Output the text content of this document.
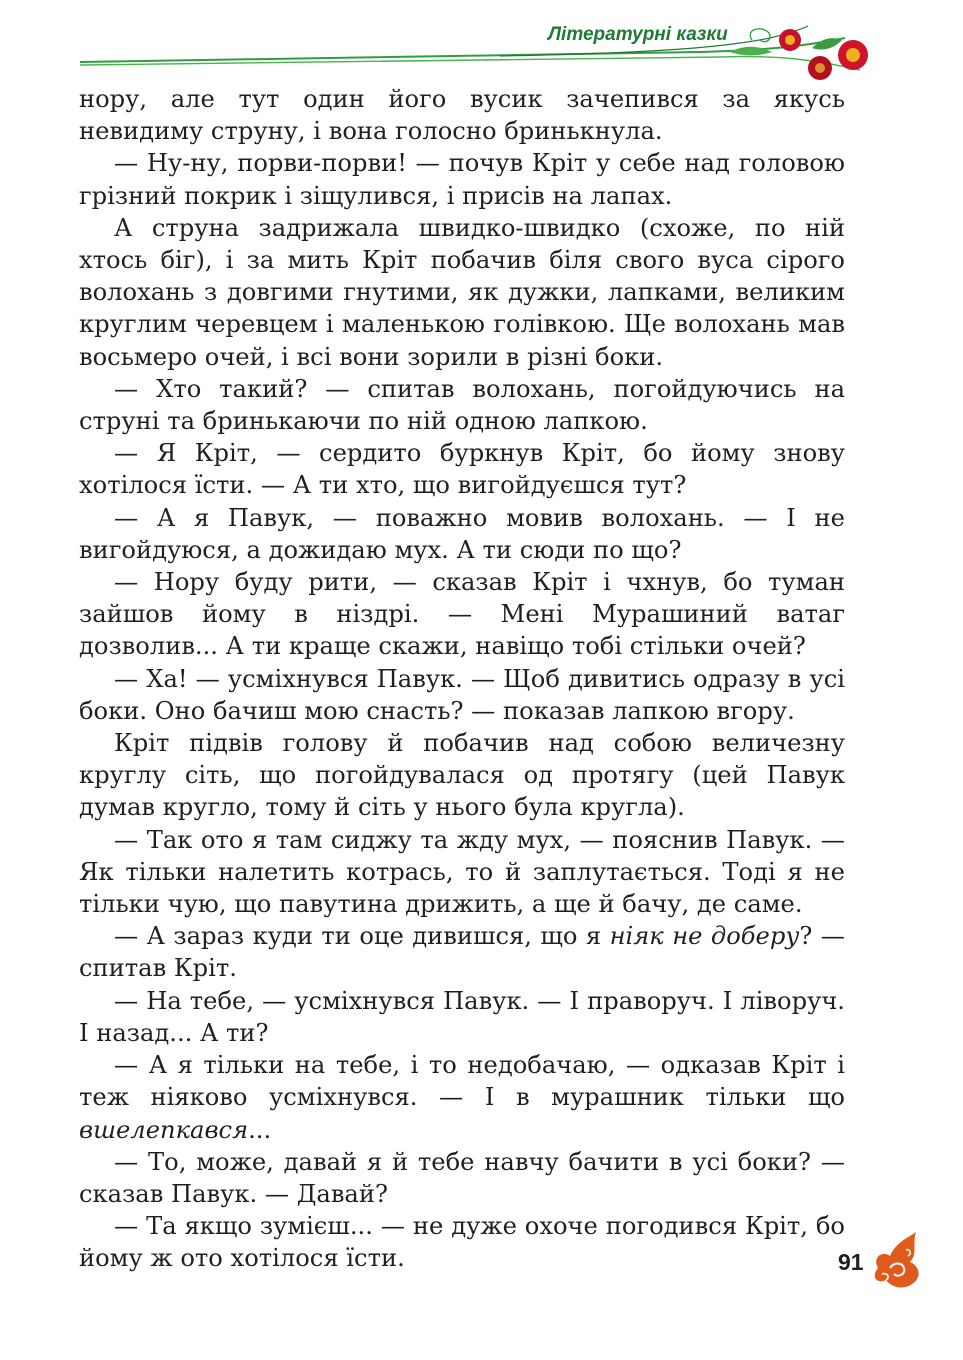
Літературні казки

нору, але тут один його вусик зачепився за якусь невидиму струну, і вона голосно бринькнула.

— Ну-ну, порви-порви! — почув Кріт у себе над головою грізний покрик і зіщулився, і присів на лапах.

А струна задрижала швидко-швидко (схоже, по ній хтось біг), і за мить Кріт побачив біля свого вуса сірого волохань з довгими гнутими, як дужки, лапками, великим круглим черевцем і маленькою голівкою. Ще волохань мав восьмеро очей, і всі вони зорили в різні боки.

— Хто такий? — спитав волохань, погойдуючись на струні та бринькаючи по ній одною лапкою.

— Я Кріт, — сердито буркнув Кріт, бо йому знову хотілося їсти. — А ти хто, що вигойдуєшся тут?

— А я Павук, — поважно мовив волохань. — І не вигойдуюся, а дожидаю мух. А ти сюди по що?

— Нору буду рити, — сказав Кріт і чхнув, бо туман зайшов йому в ніздрі. — Мені Мурашиний ватаг дозволив... А ти краще скажи, навіщо тобі стільки очей?

— Ха! — усміхнувся Павук. — Щоб дивитись одразу в усі боки. Оно бачиш мою снасть? — показав лапкою вгору.

Кріт підвів голову й побачив над собою величезну круглу сіть, що погойдувалася од протягу (цей Павук думав кругло, тому й сіть у нього була кругла).

— Так ото я там сиджу та жду мух, — пояснив Павук. — Як тільки налетить котрась, то й заплутається. Тоді я не тільки чую, що павутина дрижить, а ще й бачу, де саме.

— А зараз куди ти оце дивишся, що я ніяк не доберу? — спитав Кріт.

— На тебе, — усміхнувся Павук. — І праворуч. І ліворуч. І назад... А ти?

— А я тільки на тебе, і то недобачаю, — одказав Кріт і теж ніяково усміхнувся. — І в мурашник тільки що вшелепкався...

— То, може, давай я й тебе навчу бачити в усі боки? — сказав Павук. — Давай?

— Та якщо зумієш... — не дуже охоче погодився Кріт, бо йому ж ото хотілося їсти.	91
